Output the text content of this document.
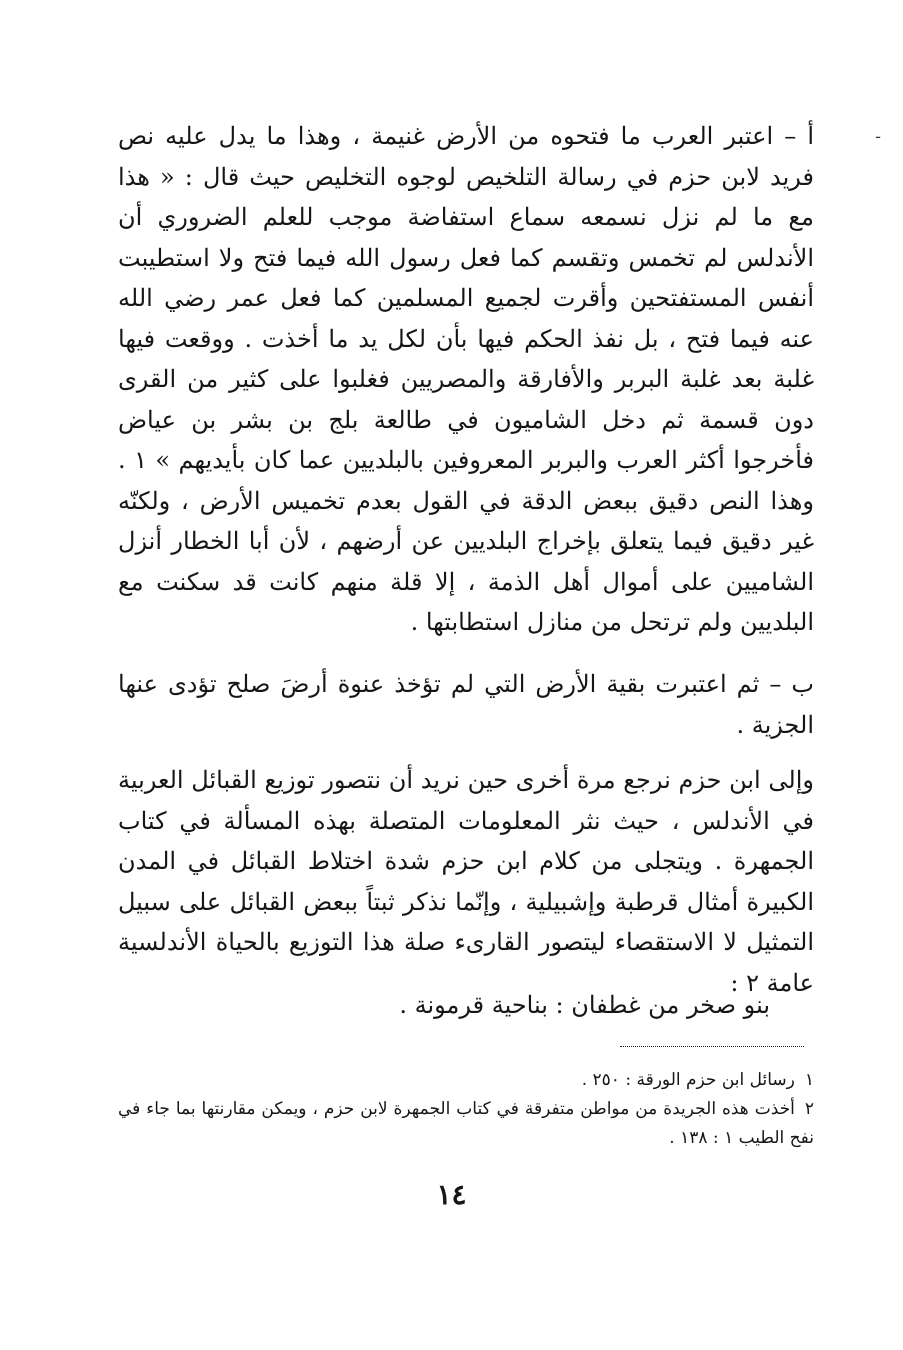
ـ

أ – اعتبر العرب ما فتحوه من الأرض غنيمة ، وهذا ما يدل عليه نص فريد لابن حزم في رسالة التلخيص لوجوه التخليص حيث قال : « هذا مع ما لم نزل نسمعه سماع استفاضة موجب للعلم الضروري أن الأندلس لم تخمس وتقسم كما فعل رسول الله فيما فتح ولا استطيبت أنفس المستفتحين وأقرت لجميع المسلمين كما فعل عمر رضي الله عنه فيما فتح ، بل نفذ الحكم فيها بأن لكل يد ما أخذت . ووقعت فيها غلبة بعد غلبة البربر والأفارقة والمصريين فغلبوا على كثير من القرى دون قسمة ثم دخل الشاميون في طالعة بلج بن بشر بن عياض فأخرجوا أكثر العرب والبربر المعروفين بالبلديين عما كان بأيديهم » ١ . وهذا النص دقيق ببعض الدقة في القول بعدم تخميس الأرض ، ولكنّه غير دقيق فيما يتعلق بإخراج البلديين عن أرضهم ، لأن أبا الخطار أنزل الشاميين على أموال أهل الذمة ، إلا قلة منهم كانت قد سكنت مع البلديين ولم ترتحل من منازل استطابتها .

ب – ثم اعتبرت بقية الأرض التي لم تؤخذ عنوة أرضَ صلح تؤدى عنها الجزية .

وإلى ابن حزم نرجع مرة أخرى حين نريد أن نتصور توزيع القبائل العربية في الأندلس ، حيث نثر المعلومات المتصلة بهذه المسألة في كتاب الجمهرة . ويتجلى من كلام ابن حزم شدة اختلاط القبائل في المدن الكبيرة أمثال قرطبة وإشبيلية ، وإنّما نذكر ثبتاً ببعض القبائل على سبيل التمثيل لا الاستقصاء ليتصور القارىء صلة هذا التوزيع بالحياة الأندلسية عامة ٢ :

بنو صخر من غطفان : بناحية قرمونة .

١رسائل ابن حزم الورقة : ٢٥٠ .
٢أخذت هذه الجريدة من مواطن متفرقة في كتاب الجمهرة لابن حزم ، ويمكن مقارنتها بما جاء في نفح الطيب ١ : ١٣٨ .
١٤
